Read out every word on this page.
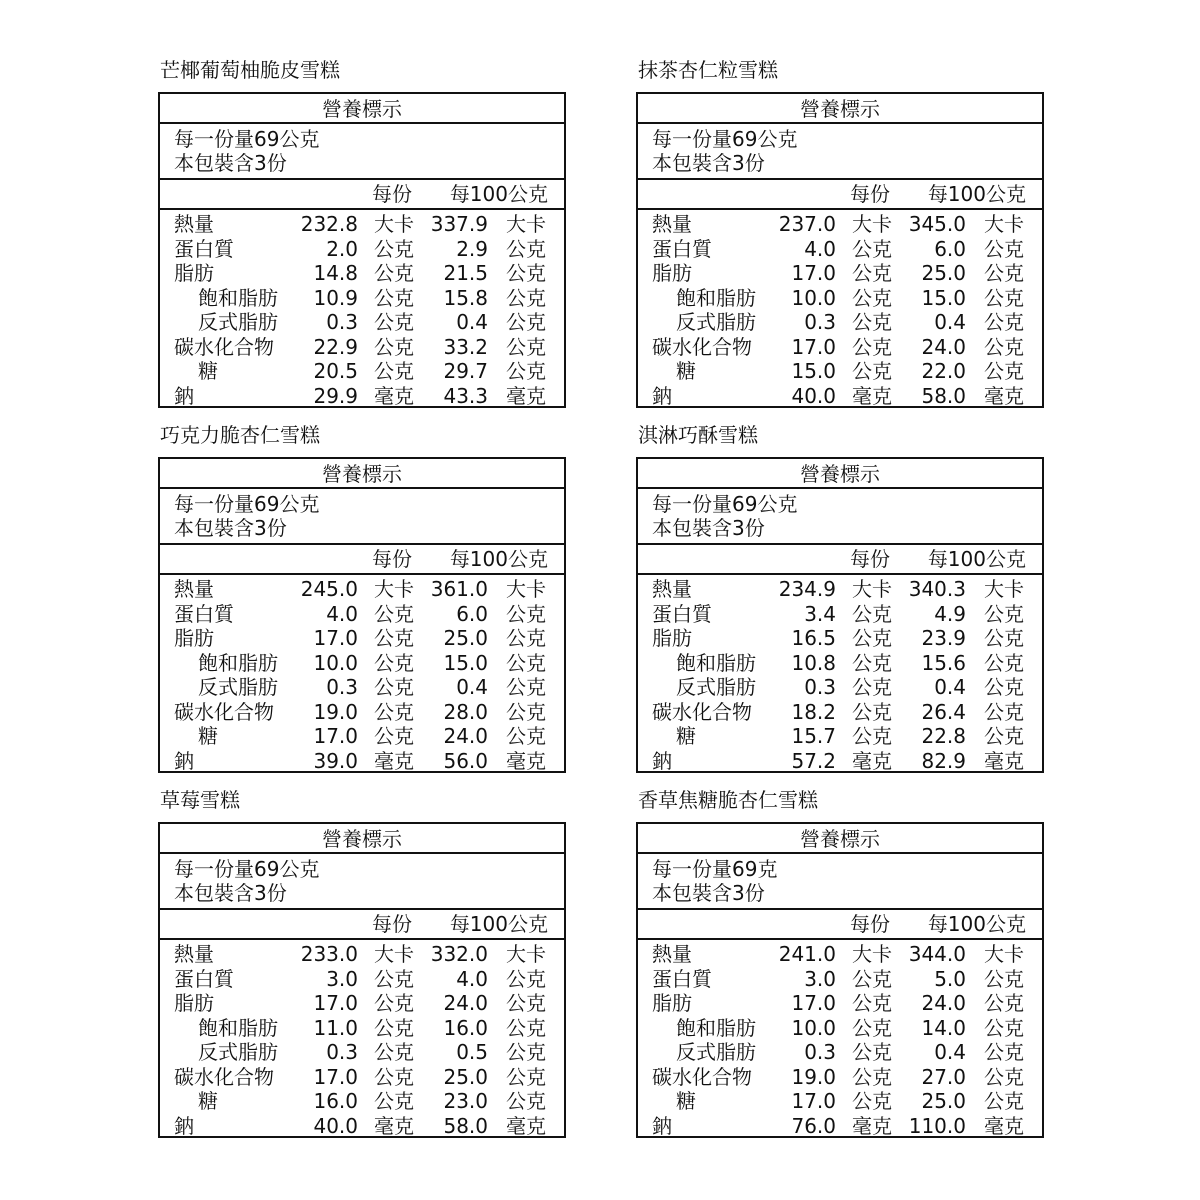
芒椰葡萄柚脆皮雪糕
營養標示
每一份量69公克
本包裝含3份
每份 每100公克
熱量	232.8 大卡 337.9 大卡
蛋白質	2.0 公克 2.9 公克
脂肪	14.8 公克 21.5 公克
飽和脂肪 10.9 公克 15.8 公克
反式脂肪 0.3 公克 0.4 公克
碳水化合物 22.9 公克 33.2 公克
糖	20.5 公克 29.7 公克
鈉	29.9 毫克 43.3 毫克
抹茶杏仁粒雪糕
營養標示
每一份量69公克
本包裝含3份
每份 每100公克
熱量	237.0 大卡 345.0 大卡
蛋白質	4.0 公克 6.0 公克
脂肪	17.0 公克 25.0 公克
飽和脂肪 10.0 公克 15.0 公克
反式脂肪 0.3 公克 0.4 公克
碳水化合物 17.0 公克 24.0 公克
糖	15.0 公克 22.0 公克
鈉	40.0 毫克 58.0 毫克
巧克力脆杏仁雪糕
營養標示
每一份量69公克
本包裝含3份
每份 每100公克
熱量	245.0 大卡 361.0 大卡
蛋白質	4.0 公克 6.0 公克
脂肪	17.0 公克 25.0 公克
飽和脂肪 10.0 公克 15.0 公克
反式脂肪 0.3 公克 0.4 公克
碳水化合物 19.0 公克 28.0 公克
糖	17.0 公克 24.0 公克
鈉	39.0 毫克 56.0 毫克
淇淋巧酥雪糕
營養標示
每一份量69公克
本包裝含3份
每份 每100公克
熱量	234.9 大卡 340.3 大卡
蛋白質	3.4 公克 4.9 公克
脂肪	16.5 公克 23.9 公克
飽和脂肪 10.8 公克 15.6 公克
反式脂肪 0.3 公克 0.4 公克
碳水化合物 18.2 公克 26.4 公克
糖	15.7 公克 22.8 公克
鈉	57.2 毫克 82.9 毫克
草莓雪糕
營養標示
每一份量69公克
本包裝含3份
每份 每100公克
熱量	233.0 大卡 332.0 大卡
蛋白質	3.0 公克 4.0 公克
脂肪	17.0 公克 24.0 公克
飽和脂肪 11.0 公克 16.0 公克
反式脂肪 0.3 公克 0.5 公克
碳水化合物 17.0 公克 25.0 公克
糖	16.0 公克 23.0 公克
鈉	40.0 毫克 58.0 毫克
香草焦糖脆杏仁雪糕
營養標示
每一份量69克
本包裝含3份
每份 每100公克
熱量	241.0 大卡 344.0 大卡
蛋白質	3.0 公克 5.0 公克
脂肪	17.0 公克 24.0 公克
飽和脂肪 10.0 公克 14.0 公克
反式脂肪 0.3 公克 0.4 公克
碳水化合物 19.0 公克 27.0 公克
糖	17.0 公克 25.0 公克
鈉	76.0 毫克 110.0 毫克
